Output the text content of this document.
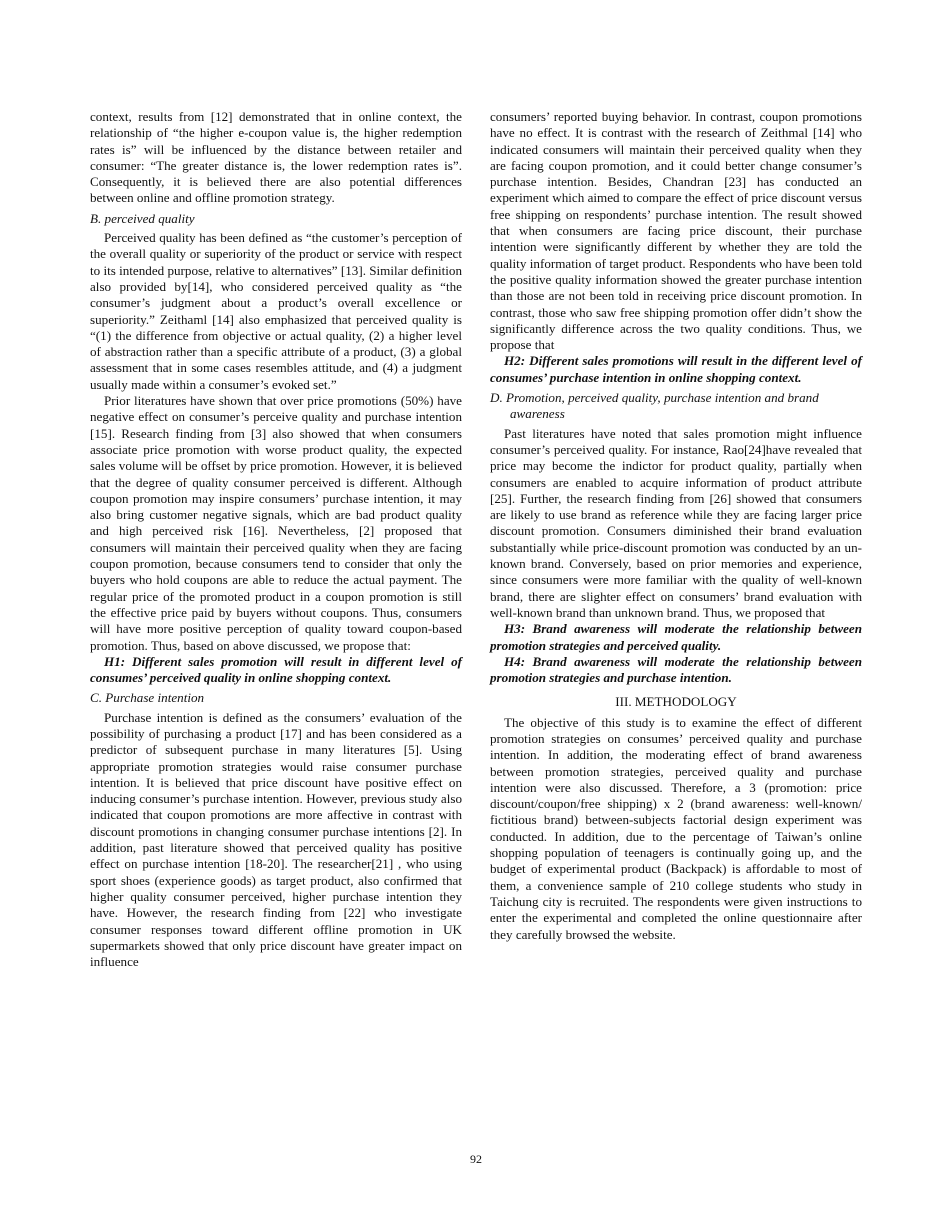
context, results from [12] demonstrated that in online context, the relationship of “the higher e-coupon value is, the higher redemption rates is” will be influenced by the distance between retailer and consumer: “The greater distance is, the lower redemption rates is”. Consequently, it is believed there are also potential differences between online and offline promotion strategy.

B. perceived quality

Perceived quality has been defined as “the customer’s perception of the overall quality or superiority of the product or service with respect to its intended purpose, relative to alternatives” [13]. Similar definition also provided by[14], who considered perceived quality as “the consumer’s judgment about a product’s overall excellence or superiority.” Zeithaml [14] also emphasized that perceived quality is “(1) the difference from objective or actual quality, (2) a higher level of abstraction rather than a specific attribute of a product, (3) a global assessment that in some cases resembles attitude, and (4) a judgment usually made within a consumer’s evoked set.”

Prior literatures have shown that over price promotions (50%) have negative effect on consumer’s perceive quality and purchase intention [15]. Research finding from [3] also showed that when consumers associate price promotion with worse product quality, the expected sales volume will be offset by price promotion. However, it is believed that the degree of quality consumer perceived is different. Although coupon promotion may inspire consumers’ purchase intention, it may also bring customer negative signals, which are bad product quality and high perceived risk [16]. Nevertheless, [2] proposed that consumers will maintain their perceived quality when they are facing coupon promotion, because consumers tend to consider that only the buyers who hold coupons are able to reduce the actual payment. The regular price of the promoted product in a coupon promotion is still the effective price paid by buyers without coupons. Thus, consumers will have more positive perception of quality toward coupon-based promotion. Thus, based on above discussed, we propose that:

H1: Different sales promotion will result in different level of consumes’ perceived quality in online shopping context.

C. Purchase intention

Purchase intention is defined as the consumers’ evaluation of the possibility of purchasing a product [17] and has been considered as a predictor of subsequent purchase in many literatures [5]. Using appropriate promotion strategies would raise consumer purchase intention. It is believed that price discount have positive effect on inducing consumer’s purchase intention. However, previous study also indicated that coupon promotions are more affective in contrast with discount promotions in changing consumer purchase intentions [2]. In addition, past literature showed that perceived quality has positive effect on purchase intention [18-20]. The researcher[21] , who using sport shoes (experience goods) as target product, also confirmed that higher quality consumer perceived, higher purchase intention they have. However, the research finding from [22] who investigate consumer responses toward different offline promotion in UK supermarkets showed that only price discount have greater impact on influence

consumers’ reported buying behavior. In contrast, coupon promotions have no effect. It is contrast with the research of Zeithmal [14] who indicated consumers will maintain their perceived quality when they are facing coupon promotion, and it could better change consumer’s purchase intention. Besides, Chandran [23] has conducted an experiment which aimed to compare the effect of price discount versus free shipping on respondents’ purchase intention. The result showed that when consumers are facing price discount, their purchase intention were significantly different by whether they are told the quality information of target product. Respondents who have been told the positive quality information showed the greater purchase intention than those are not been told in receiving price discount promotion. In contrast, those who saw free shipping promotion offer didn’t show the significantly difference across the two quality conditions. Thus, we propose that

H2: Different sales promotions will result in the different level of consumes’ purchase intention in online shopping context.

D. Promotion, perceived quality, purchase intention and brand awareness

Past literatures have noted that sales promotion might influence consumer’s perceived quality. For instance, Rao[24]have revealed that price may become the indictor for product quality, partially when consumers are enabled to acquire information of product attribute [25]. Further, the research finding from [26] showed that consumers are likely to use brand as reference while they are facing larger price discount promotion. Consumers diminished their brand evaluation substantially while price-discount promotion was conducted by an un-known brand. Conversely, based on prior memories and experience, since consumers were more familiar with the quality of well-known brand, there are slighter effect on consumers’ brand evaluation with well-known brand than unknown brand. Thus, we proposed that

H3: Brand awareness will moderate the relationship between promotion strategies and perceived quality.

H4: Brand awareness will moderate the relationship between promotion strategies and purchase intention.

III. METHODOLOGY

The objective of this study is to examine the effect of different promotion strategies on consumes’ perceived quality and purchase intention. In addition, the moderating effect of brand awareness between promotion strategies, perceived quality and purchase intention were also discussed. Therefore, a 3 (promotion: price discount/coupon/free shipping) x 2 (brand awareness: well-known/ fictitious brand) between-subjects factorial design experiment was conducted. In addition, due to the percentage of Taiwan’s online shopping population of teenagers is continually going up, and the budget of experimental product (Backpack) is affordable to most of them, a convenience sample of 210 college students who study in Taichung city is recruited. The respondents were given instructions to enter the experimental and completed the online questionnaire after they carefully browsed the website.

92
